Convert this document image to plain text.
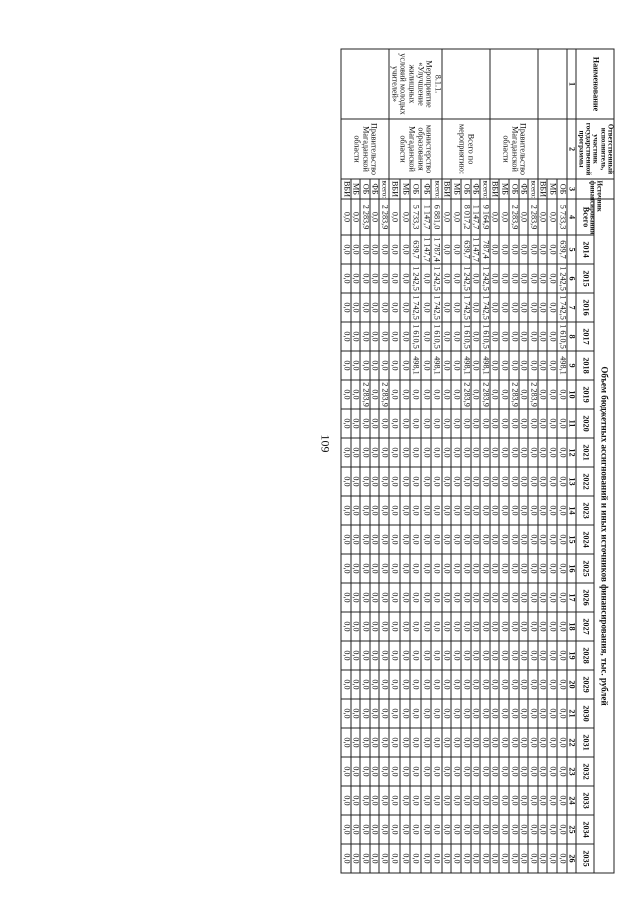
109
Наименование	Ответственный исполнитель, участник государственной программы	Источник финансирования	Объем бюджетных ассигнований и иных источников финансирования, тыс. рублей																						
			Всего	2014	2015	2016	2017	2018	2019	2020	2021	2022	2023	2024	2025	2026	2027	2028	2029	2030	2031	2032	2033	2034	2035
1	2	3	4	5	6	7	8	9	10	11	12	13	14	15	16	17	18	19	20	21	22	23	24	25	26
		ОБ	5 733,3	639,7	1 242,5	1 742,5	1 610,5	498,1	0,0	0,0	0,0	0,0	0,0	0,0	0,0	0,0	0,0	0,0	0,0	0,0	0,0	0,0	0,0	0,0	0,0
		МБ	0,0	0,0	0,0	0,0	0,0	0,0	0,0	0,0	0,0	0,0	0,0	0,0	0,0	0,0	0,0	0,0	0,0	0,0	0,0	0,0	0,0	0,0	0,0
		ВБИ	0,0	0,0	0,0	0,0	0,0	0,0	0,0	0,0	0,0	0,0	0,0	0,0	0,0	0,0	0,0	0,0	0,0	0,0	0,0	0,0	0,0	0,0	0,0
	Правительство Магаданской области	всего:	2 283,9	0,0	0,0	0,0	0,0	0,0	2 283,9	0,0	0,0	0,0	0,0	0,0	0,0	0,0	0,0	0,0	0,0	0,0	0,0	0,0	0,0	0,0	0,0
		ФБ	0,0	0,0	0,0	0,0	0,0	0,0	0,0	0,0	0,0	0,0	0,0	0,0	0,0	0,0	0,0	0,0	0,0	0,0	0,0	0,0	0,0	0,0	0,0
		ОБ	2 283,9	0,0	0,0	0,0	0,0	0,0	2 283,9	0,0	0,0	0,0	0,0	0,0	0,0	0,0	0,0	0,0	0,0	0,0	0,0	0,0	0,0	0,0	0,0
		МБ	0,0	0,0	0,0	0,0	0,0	0,0	0,0	0,0	0,0	0,0	0,0	0,0	0,0	0,0	0,0	0,0	0,0	0,0	0,0	0,0	0,0	0,0	0,0
		ВБИ	0,0	0,0	0,0	0,0	0,0	0,0	0,0	0,0	0,0	0,0	0,0	0,0	0,0	0,0	0,0	0,0	0,0	0,0	0,0	0,0	0,0	0,0	0,0
	Всего по мероприятию:	всего:	9 164,9	787,4	1 242,5	1 742,5	1 610,5	498,1	2 283,9	0,0	0,0	0,0	0,0	0,0	0,0	0,0	0,0	0,0	0,0	0,0	0,0	0,0	0,0	0,0	0,0
		ФБ	1 147,7	1 147,7	0,0	0,0	0,0	0,0	0,0	0,0	0,0	0,0	0,0	0,0	0,0	0,0	0,0	0,0	0,0	0,0	0,0	0,0	0,0	0,0	0,0
		ОБ	8 017,2	639,7	1 242,5	1 742,5	1 610,5	498,1	2 283,9	0,0	0,0	0,0	0,0	0,0	0,0	0,0	0,0	0,0	0,0	0,0	0,0	0,0	0,0	0,0	0,0
		МБ	0,0	0,0	0,0	0,0	0,0	0,0	0,0	0,0	0,0	0,0	0,0	0,0	0,0	0,0	0,0	0,0	0,0	0,0	0,0	0,0	0,0	0,0	0,0
		ВБИ	0,0	0,0	0,0	0,0	0,0	0,0	0,0	0,0	0,0	0,0	0,0	0,0	0,0	0,0	0,0	0,0	0,0	0,0	0,0	0,0	0,0	0,0	0,0
8.1.1. Мероприятие «Улучшение жилищных условий молодых учителей»	министерство образования Магаданской области	всего:	6 881,0	1 787,4	1 242,5	1 742,5	1 610,5	498,1	0,0	0,0	0,0	0,0	0,0	0,0	0,0	0,0	0,0	0,0	0,0	0,0	0,0	0,0	0,0	0,0	0,0
		ФБ	1 147,7	1 147,7	0,0	0,0	0,0	0,0	0,0	0,0	0,0	0,0	0,0	0,0	0,0	0,0	0,0	0,0	0,0	0,0	0,0	0,0	0,0	0,0	0,0
		ОБ	5 733,3	639,7	1 242,5	1 742,5	1 610,5	498,1	0,0	0,0	0,0	0,0	0,0	0,0	0,0	0,0	0,0	0,0	0,0	0,0	0,0	0,0	0,0	0,0	0,0
		МБ	0,0	0,0	0,0	0,0	0,0	0,0	0,0	0,0	0,0	0,0	0,0	0,0	0,0	0,0	0,0	0,0	0,0	0,0	0,0	0,0	0,0	0,0	0,0
		ВБИ	0,0	0,0	0,0	0,0	0,0	0,0	0,0	0,0	0,0	0,0	0,0	0,0	0,0	0,0	0,0	0,0	0,0	0,0	0,0	0,0	0,0	0,0	0,0
	Правительство Магаданской области	всего:	2 283,9	0,0	0,0	0,0	0,0	0,0	2 283,9	0,0	0,0	0,0	0,0	0,0	0,0	0,0	0,0	0,0	0,0	0,0	0,0	0,0	0,0	0,0	0,0
		ФБ	0,0	0,0	0,0	0,0	0,0	0,0	0,0	0,0	0,0	0,0	0,0	0,0	0,0	0,0	0,0	0,0	0,0	0,0	0,0	0,0	0,0	0,0	0,0
		ОБ	2 283,9	0,0	0,0	0,0	0,0	0,0	2 283,9	0,0	0,0	0,0	0,0	0,0	0,0	0,0	0,0	0,0	0,0	0,0	0,0	0,0	0,0	0,0	0,0
		МБ	0,0	0,0	0,0	0,0	0,0	0,0	0,0	0,0	0,0	0,0	0,0	0,0	0,0	0,0	0,0	0,0	0,0	0,0	0,0	0,0	0,0	0,0	0,0
		ВБИ	0,0	0,0	0,0	0,0	0,0	0,0	0,0	0,0	0,0	0,0	0,0	0,0	0,0	0,0	0,0	0,0	0,0	0,0	0,0	0,0	0,0	0,0	0,0
